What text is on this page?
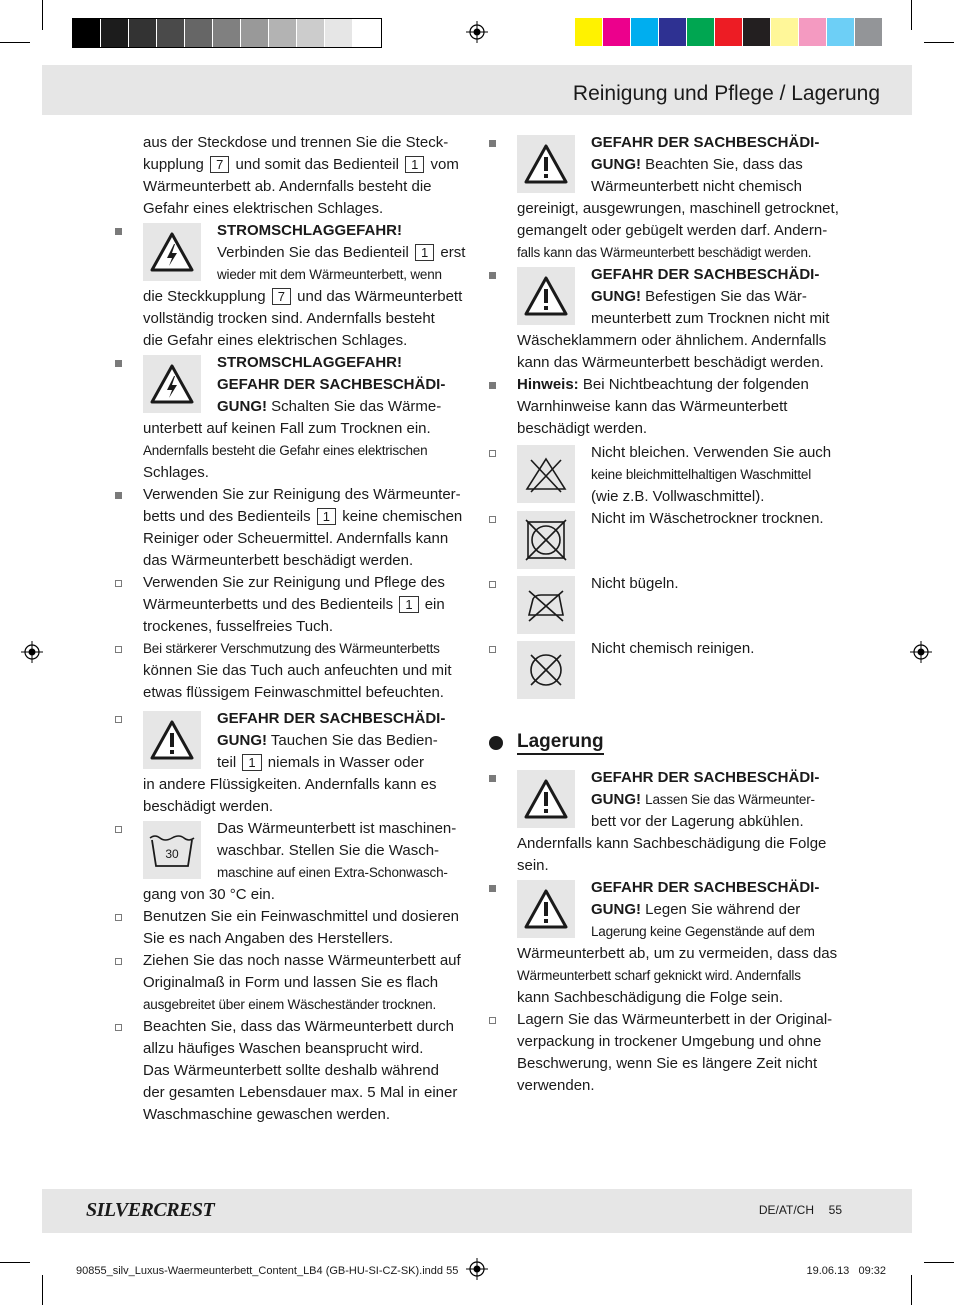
Reinigung und Pflege / Lagerung
aus der Steckdose und trennen Sie die Steck-
kupplung 7 und somit das Bedienteil 1 vom
Wärmeunterbett ab. Andernfalls besteht die
Gefahr eines elektrischen Schlages.
STROMSCHLAGGEFAHR!
Verbinden Sie das Bedienteil 1 erst
wieder mit dem Wärmeunterbett, wenn
die Steckkupplung 7 und das Wärmeunterbett
vollständig trocken sind. Andernfalls besteht
die Gefahr eines elektrischen Schlages.
STROMSCHLAGGEFAHR!
GEFAHR DER SACHBESCHÄDI-
GUNG! Schalten Sie das Wärme-
unterbett auf keinen Fall zum Trocknen ein.
Andernfalls besteht die Gefahr eines elektrischen
Schlages.
Verwenden Sie zur Reinigung des Wärmeunter-
betts und des Bedienteils 1 keine chemischen
Reiniger oder Scheuermittel. Andernfalls kann
das Wärmeunterbett beschädigt werden.
Verwenden Sie zur Reinigung und Pflege des
Wärmeunterbetts und des Bedienteils 1 ein
trockenes, fusselfreies Tuch.
Bei stärkerer Verschmutzung des Wärmeunterbetts
können Sie das Tuch auch anfeuchten und mit
etwas flüssigem Feinwaschmittel befeuchten.
GEFAHR DER SACHBESCHÄDI-
GUNG! Tauchen Sie das Bedien-
teil 1 niemals in Wasser oder
in andere Flüssigkeiten. Andernfalls kann es
beschädigt werden.
30
Das Wärmeunterbett ist maschinen-
waschbar. Stellen Sie die Wasch-
maschine auf einen Extra-Schonwasch-
gang von 30 °C ein.
Benutzen Sie ein Feinwaschmittel und dosieren
Sie es nach Angaben des Herstellers.
Ziehen Sie das noch nasse Wärmeunterbett auf
Originalmaß in Form und lassen Sie es flach
ausgebreitet über einem Wäscheständer trocknen.
Beachten Sie, dass das Wärmeunterbett durch
allzu häufiges Waschen beansprucht wird.
Das Wärmeunterbett sollte deshalb während
der gesamten Lebensdauer max. 5 Mal in einer
Waschmaschine gewaschen werden.
GEFAHR DER SACHBESCHÄDI-
GUNG! Beachten Sie, dass das
Wärmeunterbett nicht chemisch
gereinigt, ausgewrungen, maschinell getrocknet,
gemangelt oder gebügelt werden darf. Andern-
falls kann das Wärmeunterbett beschädigt werden.
GEFAHR DER SACHBESCHÄDI-
GUNG! Befestigen Sie das Wär-
meunterbett zum Trocknen nicht mit
Wäscheklammern oder ähnlichem. Andernfalls
kann das Wärmeunterbett beschädigt werden.
Hinweis: Bei Nichtbeachtung der folgenden
Warnhinweise kann das Wärmeunterbett
beschädigt werden.
Nicht bleichen. Verwenden Sie auch
keine bleichmittelhaltigen Waschmittel
(wie z.B. Vollwaschmittel).
Nicht im Wäschetrockner trocknen.
Nicht bügeln.
Nicht chemisch reinigen.
Lagerung
GEFAHR DER SACHBESCHÄDI-
GUNG! Lassen Sie das Wärmeunter-
bett vor der Lagerung abkühlen.
Andernfalls kann Sachbeschädigung die Folge
sein.
GEFAHR DER SACHBESCHÄDI-
GUNG! Legen Sie während der
Lagerung keine Gegenstände auf dem
Wärmeunterbett ab, um zu vermeiden, dass das
Wärmeunterbett scharf geknickt wird. Andernfalls
kann Sachbeschädigung die Folge sein.
Lagern Sie das Wärmeunterbett in der Original-
verpackung in trockener Umgebung und ohne
Beschwerung, wenn Sie es längere Zeit nicht
verwenden.
SILVERCREST	DE/AT/CH 55
90855_silv_Luxus-Waermeunterbett_Content_LB4 (GB-HU-SI-CZ-SK).indd 55	19.06.13   09:32
